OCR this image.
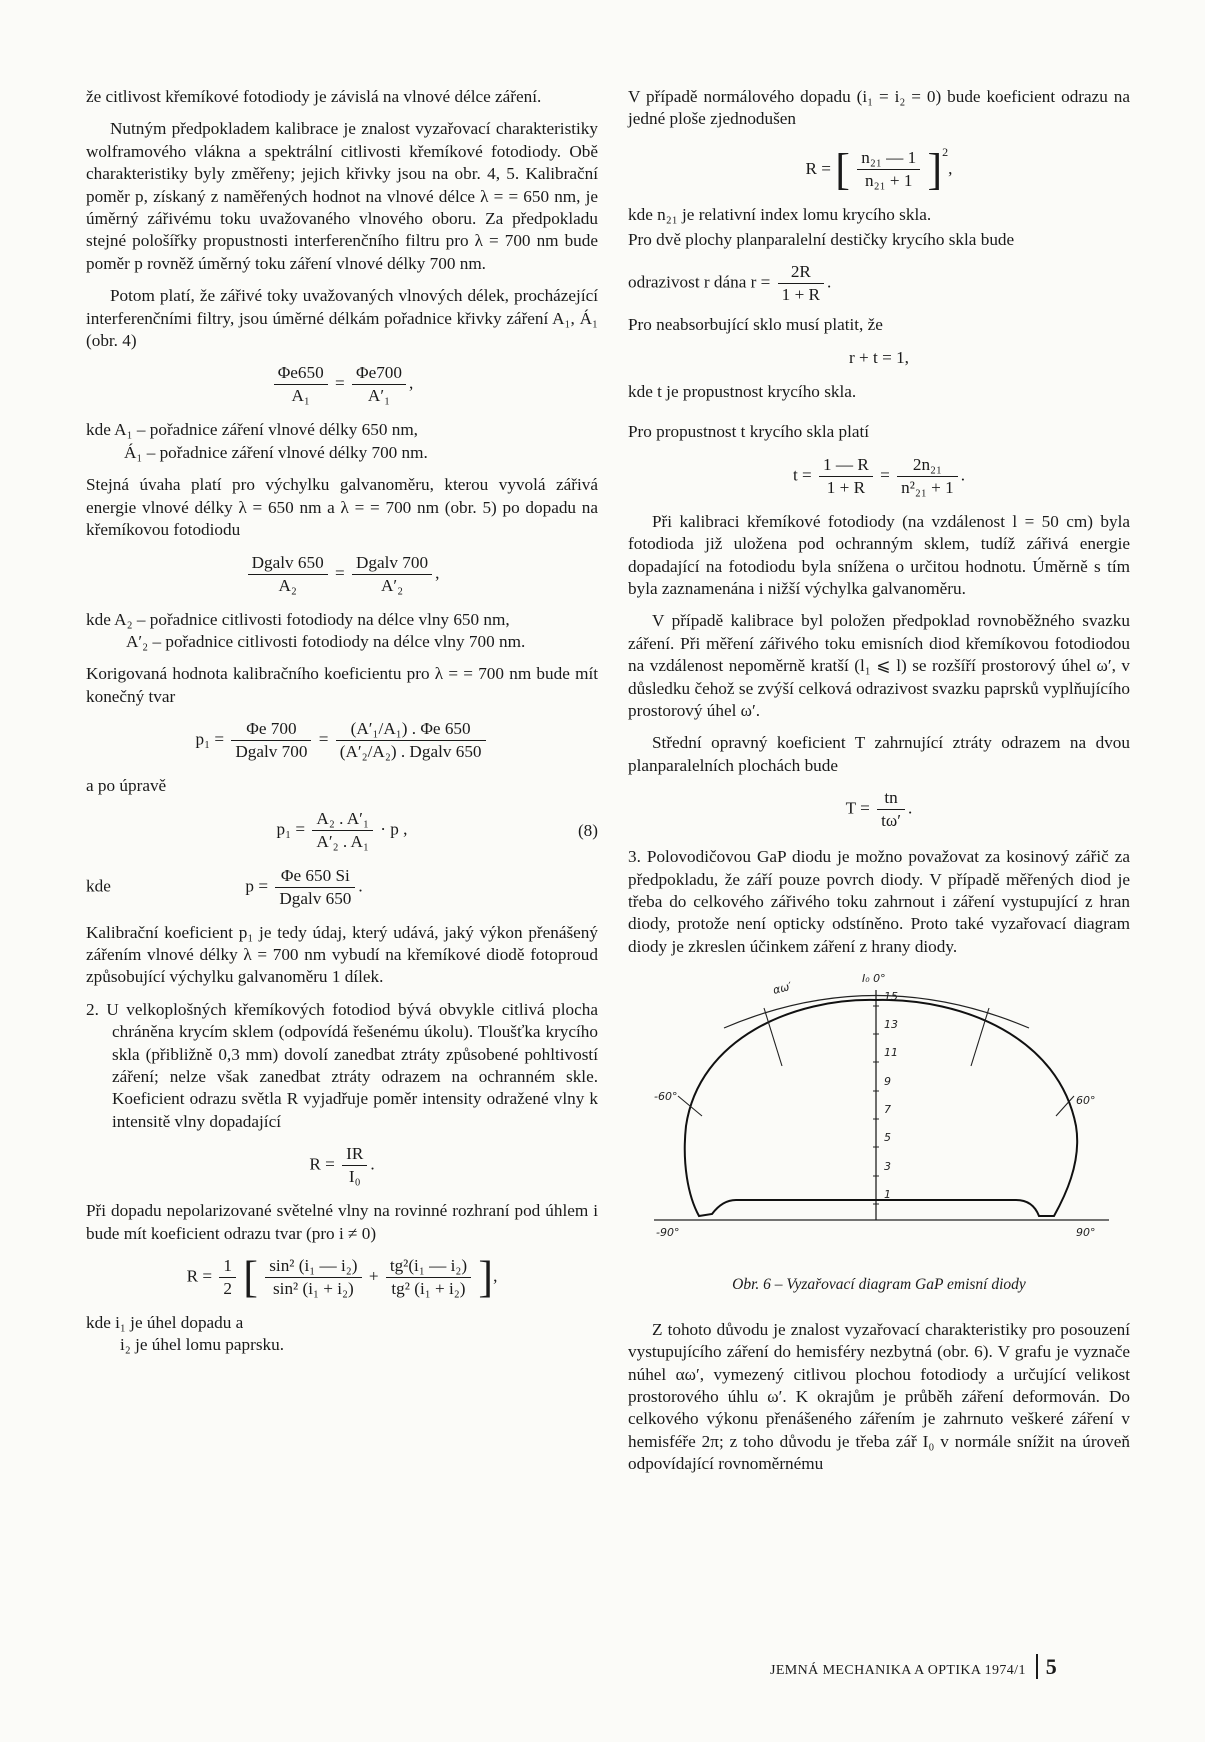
že citlivost křemíkové fotodiody je závislá na vlnové délce záření.

Nutným předpokladem kalibrace je znalost vyzařovací charakteristiky wolframového vlákna a spektrální citlivosti křemíkové fotodiody. Obě charakteristiky byly změřeny; jejich křivky jsou na obr. 4, 5. Kalibrační poměr p, získaný z naměřených hodnot na vlnové délce λ = = 650 nm, je úměrný zářivému toku uvažovaného vlnového oboru. Za předpokladu stejné pološířky propustnosti interferenčního filtru pro λ = 700 nm bude poměr p rovněž úměrný toku záření vlnové délky 700 nm.

Potom platí, že zářivé toky uvažovaných vlnových délek, procházející interferenčními filtry, jsou úměrné délkám pořadnice křivky záření A₁, Á₁ (obr. 4)

$\frac{\Phi e650}{\text{A₁}} = \frac{\Phi e700}{\text{A′₁}}$ ,
kde A₁ – pořadnice záření vlnové délky 650 nm,
Á₁ – pořadnice záření vlnové délky 700 nm.

Stejná úvaha platí pro výchylku galvanoměru, kterou vyvolá zářivá energie vlnové délky λ = 650 nm a λ = = 700 nm (obr. 5) po dopadu na křemíkovou fotodiodu

$\frac{\text{Dgalv 650}}{\text{A₂}} = \frac{\text{Dgalv 700}}{\text{A′₂}}$ ,
kde A₂ – pořadnice citlivosti fotodiody na délce vlny 650 nm,
A′₂ – pořadnice citlivosti fotodiody na délce vlny 700 nm.

Korigovaná hodnota kalibračního koeficientu pro λ = = 700 nm bude mít konečný tvar

$p_1 = \frac{\Phi e 700}{\text{Dgalv 700}} = \frac{\text{(A′₁/A₁) . Φe 650}}{\text{(A′₂/A₂) . Dgalv 650}}$

a po úpravě

$p_1 = \frac{\text{A₂ . A′₁}}{\text{A′₂ . A₁}} \cdot p$ ,	(8)
kde	$p = \frac{\Phi e 650 Si}{\text{Dgalv 650}}$ .

Kalibrační koeficient p₁ je tedy údaj, který udává, jaký výkon přenášený zářením vlnové délky λ = 700 nm vybudí na křemíkové diodě fotoproud způsobující výchylku galvanoměru 1 dílek.

2. U velkoplošných křemíkových fotodiod bývá obvykle citlivá plocha chráněna krycím sklem (odpovídá řešenému úkolu). Tloušťka krycího skla (přibližně 0,3 mm) dovolí zanedbat ztráty způsobené pohltivostí záření; nelze však zanedbat ztráty odrazem na ochranném skle. Koeficient odrazu světla R vyjadřuje poměr intensity odražené vlny k intensitě vlny dopadající

$R = \frac{IR}{\text{I₀}}$ .

Při dopadu nepolarizované světelné vlny na rovinné rozhraní pod úhlem i bude mít koeficient odrazu tvar (pro i ≠ 0)

$R = \frac{1}{2}$ [ $\frac{\text{sin² (i₁ — i₂)}}{\text{sin² (i₁ + i₂)}} + \frac{\text{tg²(i₁ — i₂)}}{\text{tg² (i₁ + i₂)}}$ ],
kde i₁ je úhel dopadu a
i₂ je úhel lomu paprsku.

V případě normálového dopadu (i₁ = i₂ = 0) bude koeficient odrazu na jedné ploše zjednodušen

R = [ $\frac{\text{n₂₁ — 1}}{\text{n₂₁ + 1}} ]^2$,

kde n₂₁ je relativní index lomu krycího skla.

Pro dvě plochy planparalelní destičky krycího skla bude

odrazivost r dána $r = \frac{2R}{1 + R}$ .

Pro neabsorbující sklo musí platit, že

r + t = 1,

kde t je propustnost krycího skla.

Pro propustnost t krycího skla platí

$t = \frac{1 — R}{1 + R} = \frac{\text{2n₂₁}}{\text{n²₂₁ + 1}}$ .

Při kalibraci křemíkové fotodiody (na vzdálenost l = 50 cm) byla fotodioda již uložena pod ochranným sklem, tudíž zářivá energie dopadající na fotodiodu byla snížena o určitou hodnotu. Úměrně s tím byla zaznamenána i nižší výchylka galvanoměru.

V případě kalibrace byl položen předpoklad rovnoběžného svazku záření. Při měření zářivého toku emisních diod křemíkovou fotodiodou na vzdálenost nepoměrně kratší (l₁ ⩽ l) se rozšíří prostorový úhel ω′, v důsledku čehož se zvýší celková odrazivost svazku paprsků vyplňujícího prostorový úhel ω′.

Střední opravný koeficient T zahrnující ztráty odrazem na dvou planparalelních plochách bude

$T = \frac{tn}{t\omega'}$ .

3. Polovodičovou GaP diodu je možno považovat za kosinový zářič za předpokladu, že září pouze povrch diody. V případě měřených diod je třeba do celkového zářivého toku zahrnout i záření vystupující z hran diody, protože není opticky odstíněno. Proto také vyzařovací diagram diody je zkreslen účinkem záření z hrany diody.

15
13
11
9
7
5
3
1
I₀ 0°
αω′
-60°	60°
-90°	90°
Obr. 6 – Vyzařovací diagram GaP emisní diody

Z tohoto důvodu je znalost vyzařovací charakteristiky pro posouzení vystupujícího záření do hemisféry nezbytná (obr. 6). V grafu je vyznače núhel αω′, vymezený citlivou plochou fotodiody a určující velikost prostorového úhlu ω′. K okrajům je průběh záření deformován. Do celkového výkonu přenášeného zářením je zahrnuto veškeré záření v hemisféře 2π; z toho důvodu je třeba zář I₀ v normále snížit na úroveň odpovídající rovnoměrnému

JEMNÁ MECHANIKA A OPTIKA 1974/1 5
